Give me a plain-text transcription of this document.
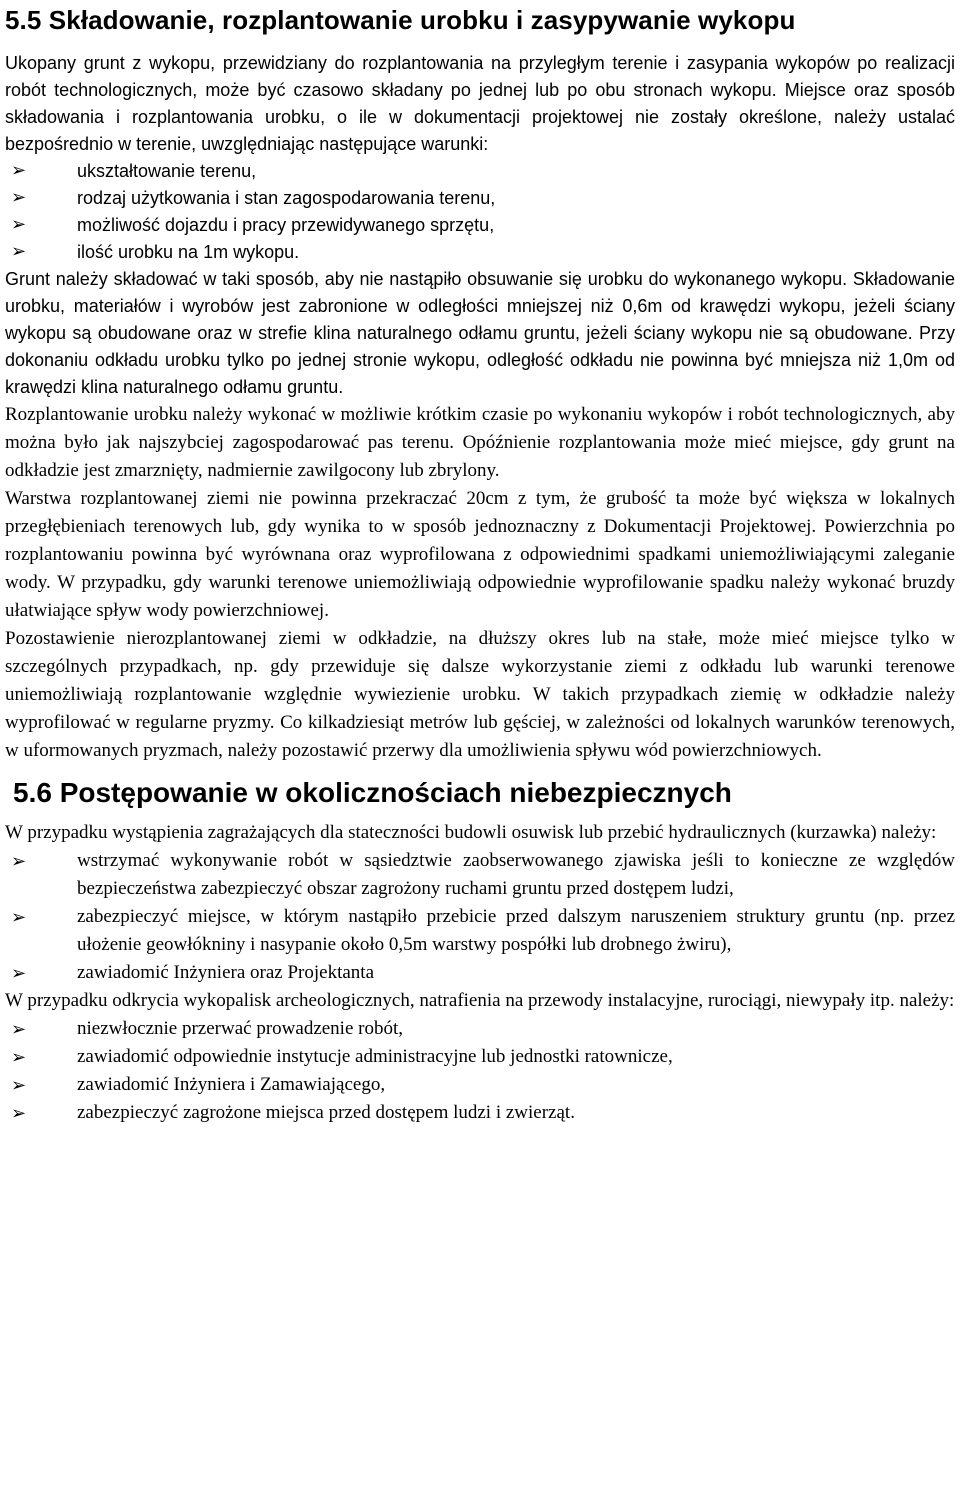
5.5 Składowanie, rozplantowanie urobku i zasypywanie wykopu

Ukopany grunt z wykopu, przewidziany do rozplantowania na przyległym terenie i zasypania wykopów po realizacji robót technologicznych, może być czasowo składany po jednej lub po obu stronach wykopu. Miejsce oraz sposób składowania i rozplantowania urobku, o ile w dokumentacji projektowej nie zostały określone, należy ustalać bezpośrednio w terenie, uwzględniając następujące warunki:

➢	ukształtowanie terenu,
➢	rodzaj użytkowania i stan zagospodarowania terenu,
➢	możliwość dojazdu i pracy przewidywanego sprzętu,
➢	ilość urobku na 1m wykopu.

Grunt należy składować w taki sposób, aby nie nastąpiło obsuwanie się urobku do wykonanego wykopu. Składowanie urobku, materiałów i wyrobów jest zabronione w odległości mniejszej niż 0,6m od krawędzi wykopu, jeżeli ściany wykopu są obudowane oraz w strefie klina naturalnego odłamu gruntu, jeżeli ściany wykopu nie są obudowane. Przy dokonaniu odkładu urobku tylko po jednej stronie wykopu, odległość odkładu nie powinna być mniejsza niż 1,0m od krawędzi klina naturalnego odłamu gruntu.

Rozplantowanie urobku należy wykonać w możliwie krótkim czasie po wykonaniu wykopów i robót technologicznych, aby można było jak najszybciej zagospodarować pas terenu. Opóźnienie rozplantowania może mieć miejsce, gdy grunt na odkładzie jest zmarznięty, nadmiernie zawilgocony lub zbrylony.

Warstwa rozplantowanej ziemi nie powinna przekraczać 20cm z tym, że grubość ta może być większa w lokalnych przegłębieniach terenowych lub, gdy wynika to w sposób jednoznaczny z Dokumentacji Projektowej. Powierzchnia po rozplantowaniu powinna być wyrównana oraz wyprofilowana z odpowiednimi spadkami uniemożliwiającymi zaleganie wody. W przypadku, gdy warunki terenowe uniemożliwiają odpowiednie wyprofilowanie spadku należy wykonać bruzdy ułatwiające spływ wody powierzchniowej.

Pozostawienie nierozplantowanej ziemi w odkładzie, na dłuższy okres lub na stałe, może mieć miejsce tylko w szczególnych przypadkach, np. gdy przewiduje się dalsze wykorzystanie ziemi z odkładu lub warunki terenowe uniemożliwiają rozplantowanie względnie wywiezienie urobku. W takich przypadkach ziemię w odkładzie należy wyprofilować w regularne pryzmy. Co kilkadziesiąt metrów lub gęściej, w zależności od lokalnych warunków terenowych, w uformowanych pryzmach, należy pozostawić przerwy dla umożliwienia spływu wód powierzchniowych.

5.6 Postępowanie w okolicznościach niebezpiecznych

W przypadku wystąpienia zagrażających dla stateczności budowli osuwisk lub przebić hydraulicznych (kurzawka) należy:

➢	wstrzymać wykonywanie robót w sąsiedztwie zaobserwowanego zjawiska jeśli to konieczne ze względów bezpieczeństwa zabezpieczyć obszar zagrożony ruchami gruntu przed dostępem ludzi,
➢	zabezpieczyć miejsce, w którym nastąpiło przebicie przed dalszym naruszeniem struktury gruntu (np. przez ułożenie geowłókniny i nasypanie około 0,5m warstwy pospółki lub drobnego żwiru),
➢	zawiadomić Inżyniera oraz Projektanta

W przypadku odkrycia wykopalisk archeologicznych, natrafienia na przewody instalacyjne, rurociągi, niewypały itp. należy:

➢	niezwłocznie przerwać prowadzenie robót,
➢	zawiadomić odpowiednie instytucje administracyjne lub jednostki ratownicze,
➢	zawiadomić Inżyniera i Zamawiającego,
➢	zabezpieczyć zagrożone miejsca przed dostępem ludzi i zwierząt.
